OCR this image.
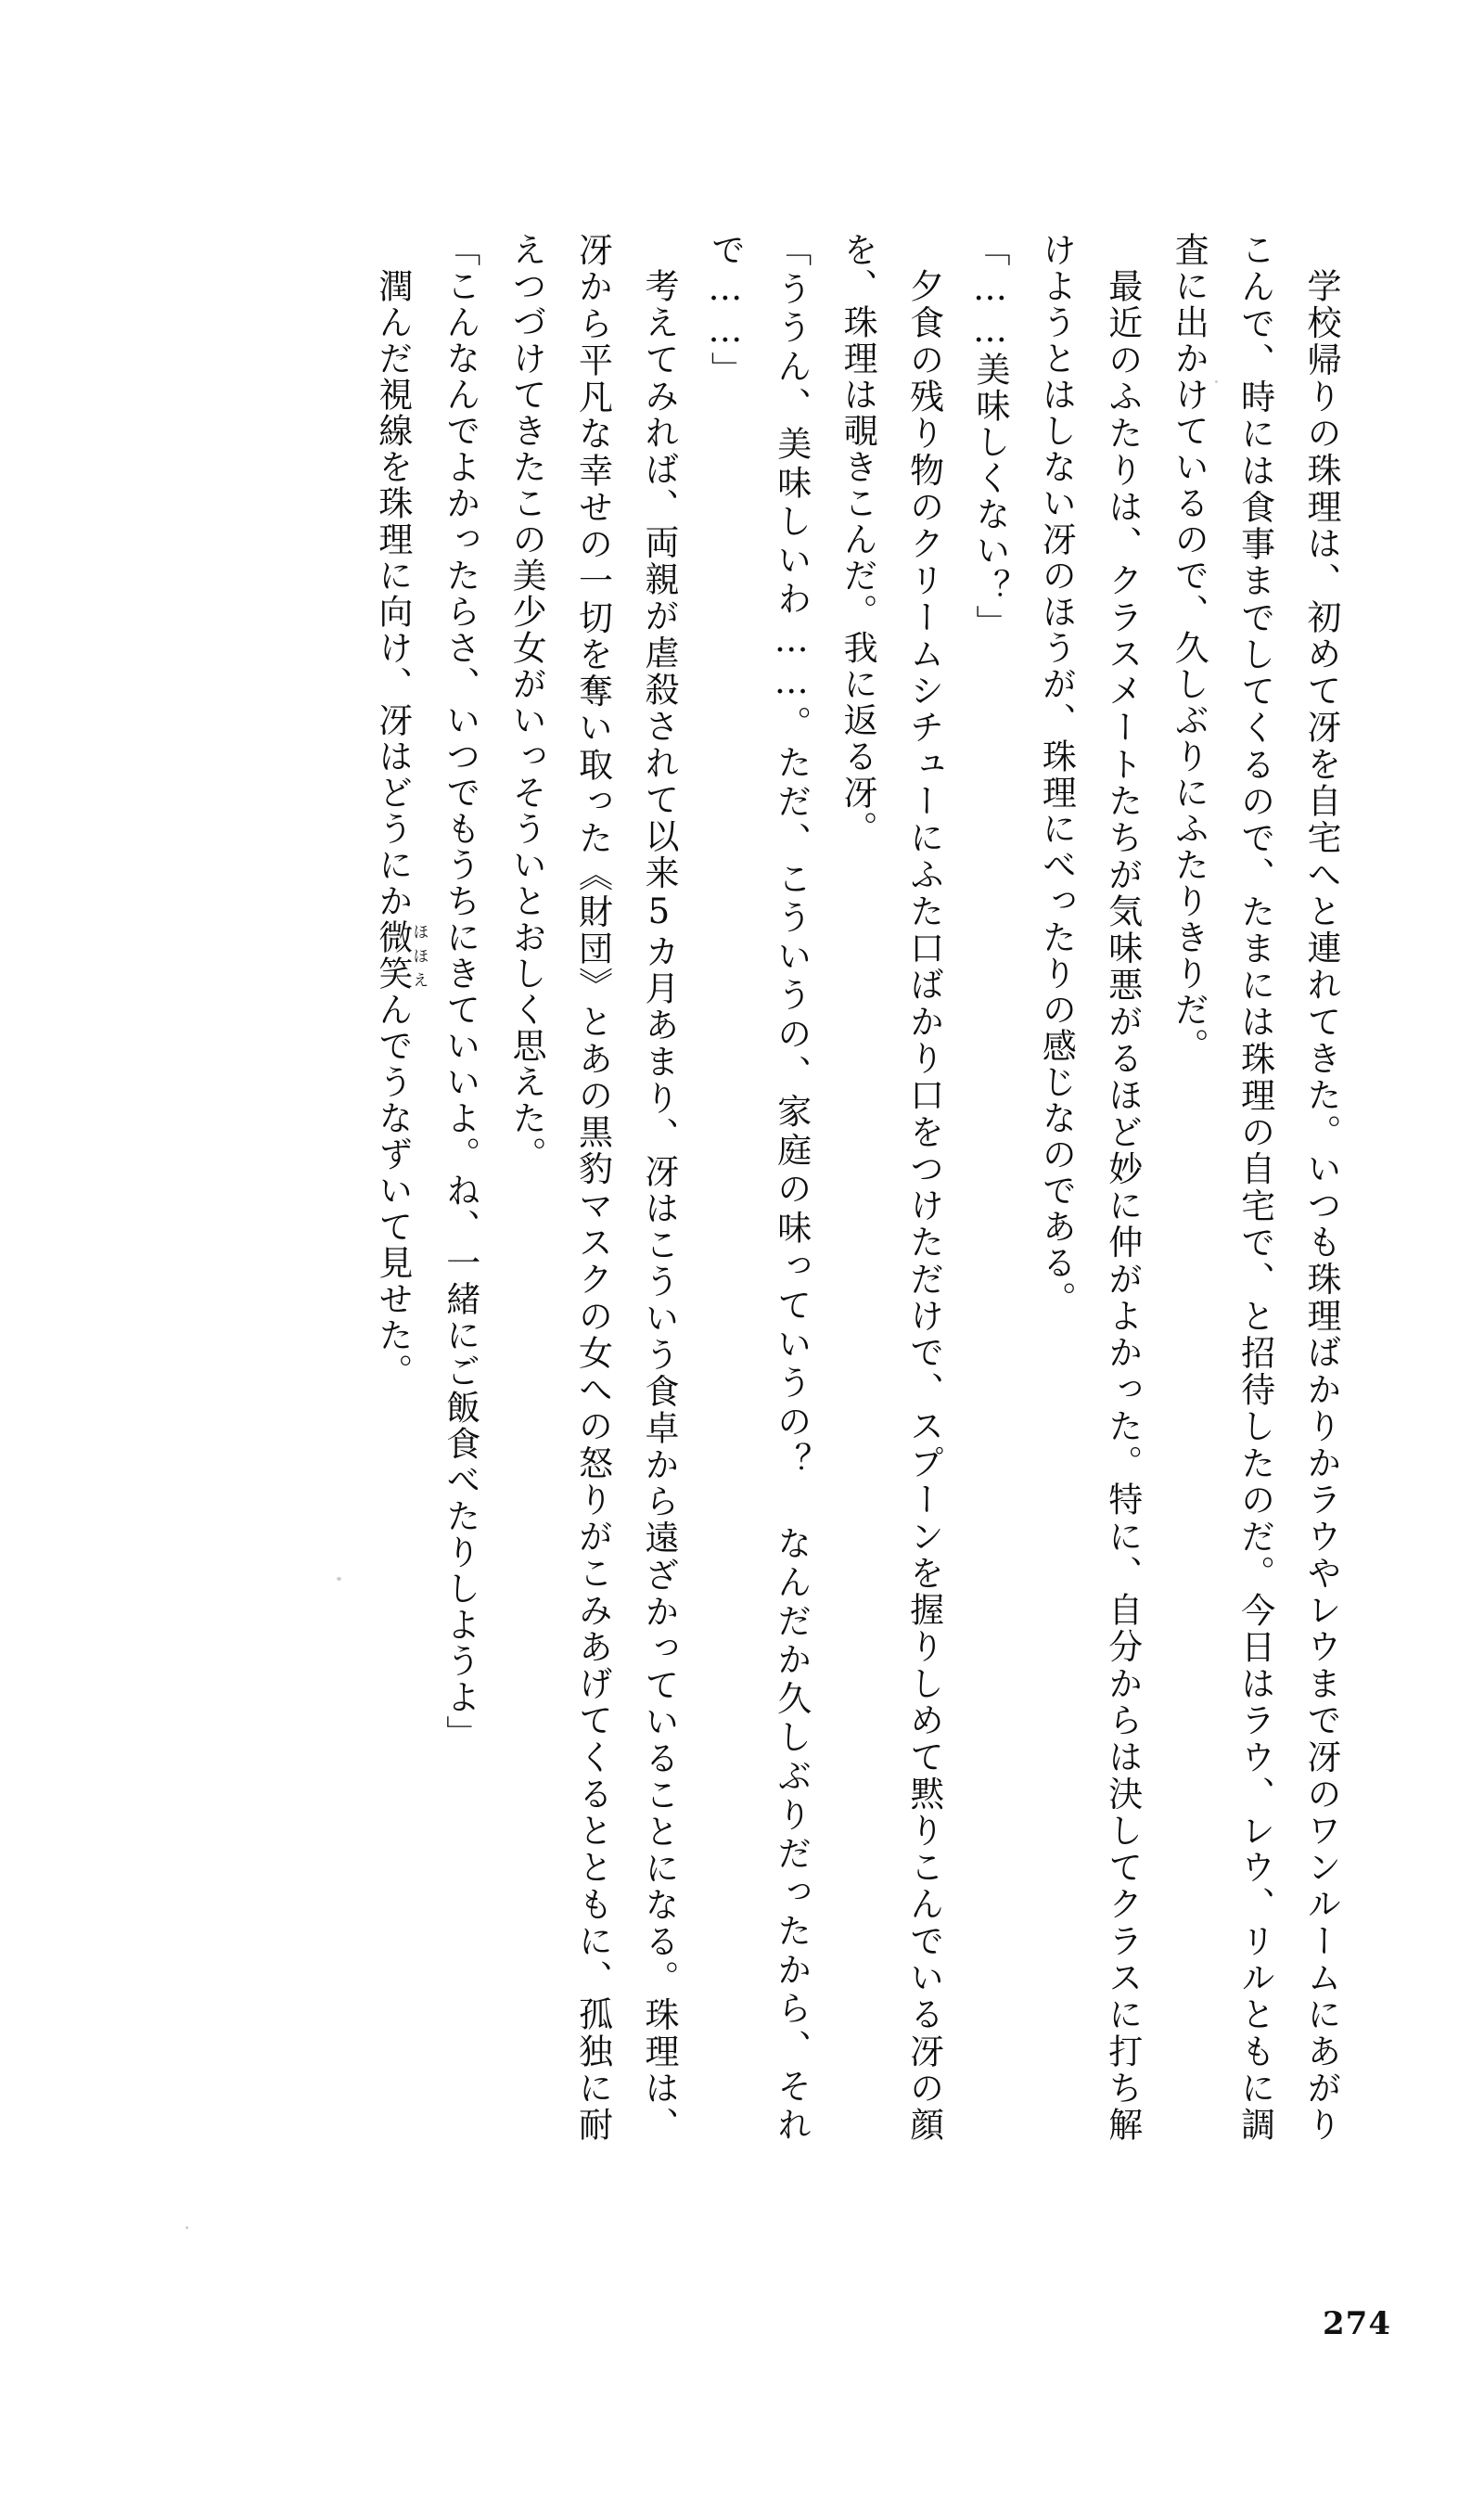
学校帰りの珠理は、初めて冴を自宅へと連れてきた。いつも珠理ばかりかラウやレウまで冴のワンルームにあがりこんで、時には食事までしてくるので、たまには珠理の自宅で、と招待したのだ。今日はラウ、レウ、リルともに調査に出かけているので、久しぶりにふたりきりだ。

最近のふたりは、クラスメートたちが気味悪がるほど妙に仲がよかった。特に、自分からは決してクラスに打ち解けようとはしない冴のほうが、珠理にべったりの感じなのである。

「……美味しくない？」

夕食の残り物のクリームシチューにふた口ばかり口をつけただけで、スプーンを握りしめて黙りこんでいる冴の顔を、珠理は覗きこんだ。我に返る冴。

「ううん、美味しいわ……。ただ、こういうの、家庭の味っていうの？ なんだか久しぶりだったから、それで……」

考えてみれば、両親が虐殺されて以来5カ月あまり、冴はこういう食卓から遠ざかっていることになる。珠理は、冴から平凡な幸せの一切を奪い取った《財団》とあの黒豹マスクの女への怒りがこみあげてくるとともに、孤独に耐えつづけてきたこの美少女がいっそういとおしく思えた。

「こんなんでよかったらさ、いつでもうちにきていいよ。ね、一緒にご飯食べたりしようよ」

潤んだ視線を珠理に向け、冴はどうにか微笑ほほえんでうなずいて見せた。

274
